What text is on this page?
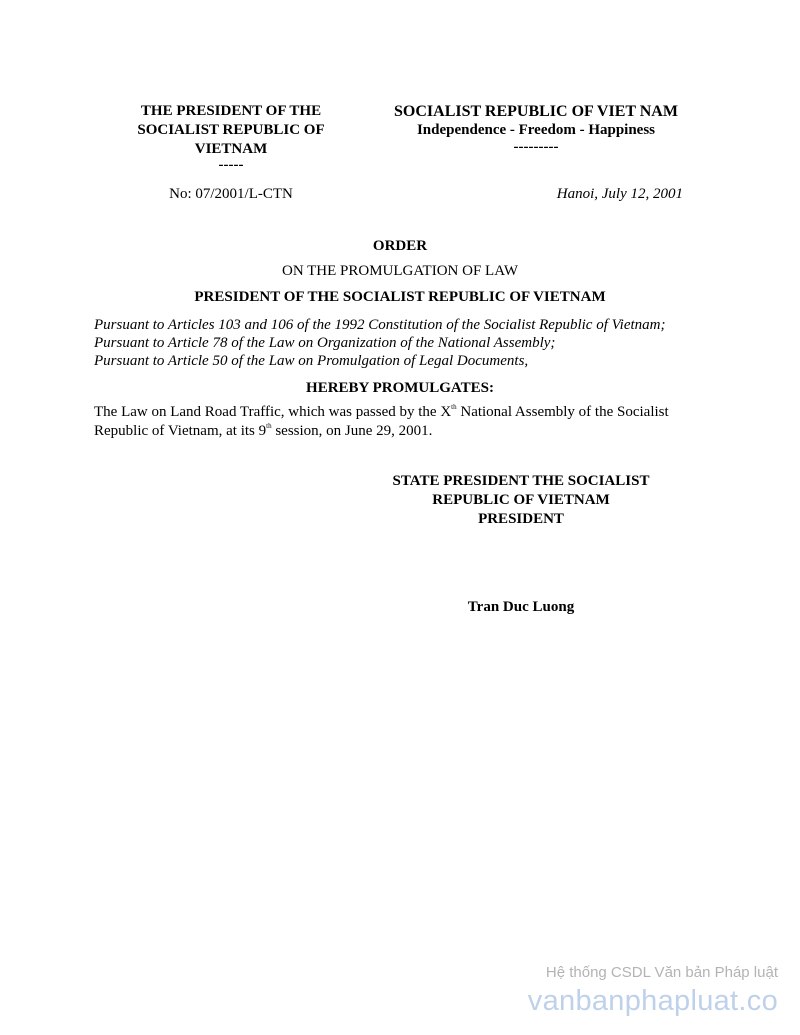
THE PRESIDENT OF THE
SOCIALIST REPUBLIC OF
VIETNAM
-----
SOCIALIST REPUBLIC OF VIET NAM
Independence - Freedom - Happiness
---------
No: 07/2001/L-CTN	Hanoi, July 12, 2001
ORDER
ON THE PROMULGATION OF LAW
PRESIDENT OF THE SOCIALIST REPUBLIC OF VIETNAM
Pursuant to Articles 103 and 106 of the 1992 Constitution of the Socialist Republic of Vietnam;
Pursuant to Article 78 of the Law on Organization of the National Assembly;
Pursuant to Article 50 of the Law on Promulgation of Legal Documents,
HEREBY PROMULGATES:
The Law on Land Road Traffic, which was passed by the Xth National Assembly of the Socialist Republic of Vietnam, at its 9th session, on June 29, 2001.
STATE PRESIDENT THE SOCIALIST
REPUBLIC OF VIETNAM
PRESIDENT
Tran Duc Luong
Hệ thống CSDL Văn bản Pháp luật
vanbanphapluat.co
